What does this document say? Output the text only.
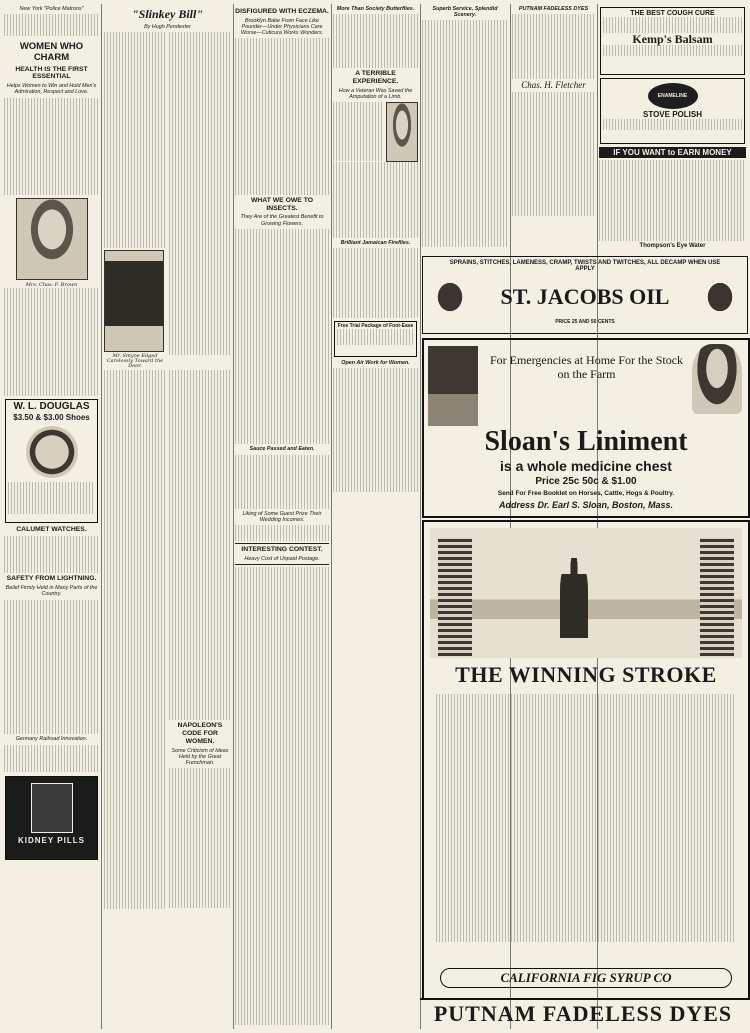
New York "Police Matrons"
WOMEN WHO CHARM
HEALTH IS THE FIRST ESSENTIAL
Helps Women to Win and Hold Men's Admiration, Respect and Love.
Mrs. Chas. F. Brown
W. L. DOUGLAS
$3.50 & $3.00 Shoes
CALUMET WATCHES.
SAFETY FROM LIGHTNING.
Belief Firmly Held in Many Parts of the Country.
Germany Railroad Innovation.
KIDNEY PILLS
"Slinkey Bill"
By Hugh Pendexter
Mr. Smyne Edged Carelessly Toward the Door.
NAPOLEON'S CODE FOR WOMEN.
Some Criticism of Ideas Held by the Great Frenchman.
DISFIGURED WITH ECZEMA.
Brooklyn Babe From Face Like Pounder—Under Physicians Care Worse—Cuticura Works Wonders.
WHAT WE OWE TO INSECTS.
They Are of the Greatest Benefit to Growing Flowers.
Sauce Passed and Eaten.
Liking of Some Guest Prize Their Wedding Incomes.
INTERESTING CONTEST.
Heavy Cost of Unpaid Postage.
More Than Society Butterflies.
A TERRIBLE EXPERIENCE.
How a Veteran Was Saved the Amputation of a Limb.
Brilliant Jamaican Fireflies.
Free Trial Package of Foot-Ease
Open Air Work for Women.
Superb Service, Splendid Scenery.
PUTNAM FADELESS DYES
Chas. H. Fletcher
THE BEST COUGH CURE
Kemp's Balsam
ENAMELINE
STOVE POLISH
IF YOU WANT to EARN MONEY
Thompson's Eye Water
SPRAINS, STITCHES, LAMENESS, CRAMP, TWISTS AND TWITCHES, ALL DECAMP WHEN USE APPLY
ST. JACOBS OIL
PRICE 25 AND 50 CENTS
For Emergencies at Home For the Stock on the Farm
Sloan's Liniment
is a whole medicine chest
Price 25c 50c & $1.00
Send For Free Booklet on Horses, Cattle, Hogs & Poultry.
Address Dr. Earl S. Sloan, Boston, Mass.
THE WINNING STROKE
CALIFORNIA FIG SYRUP CO
PUTNAM FADELESS DYES
